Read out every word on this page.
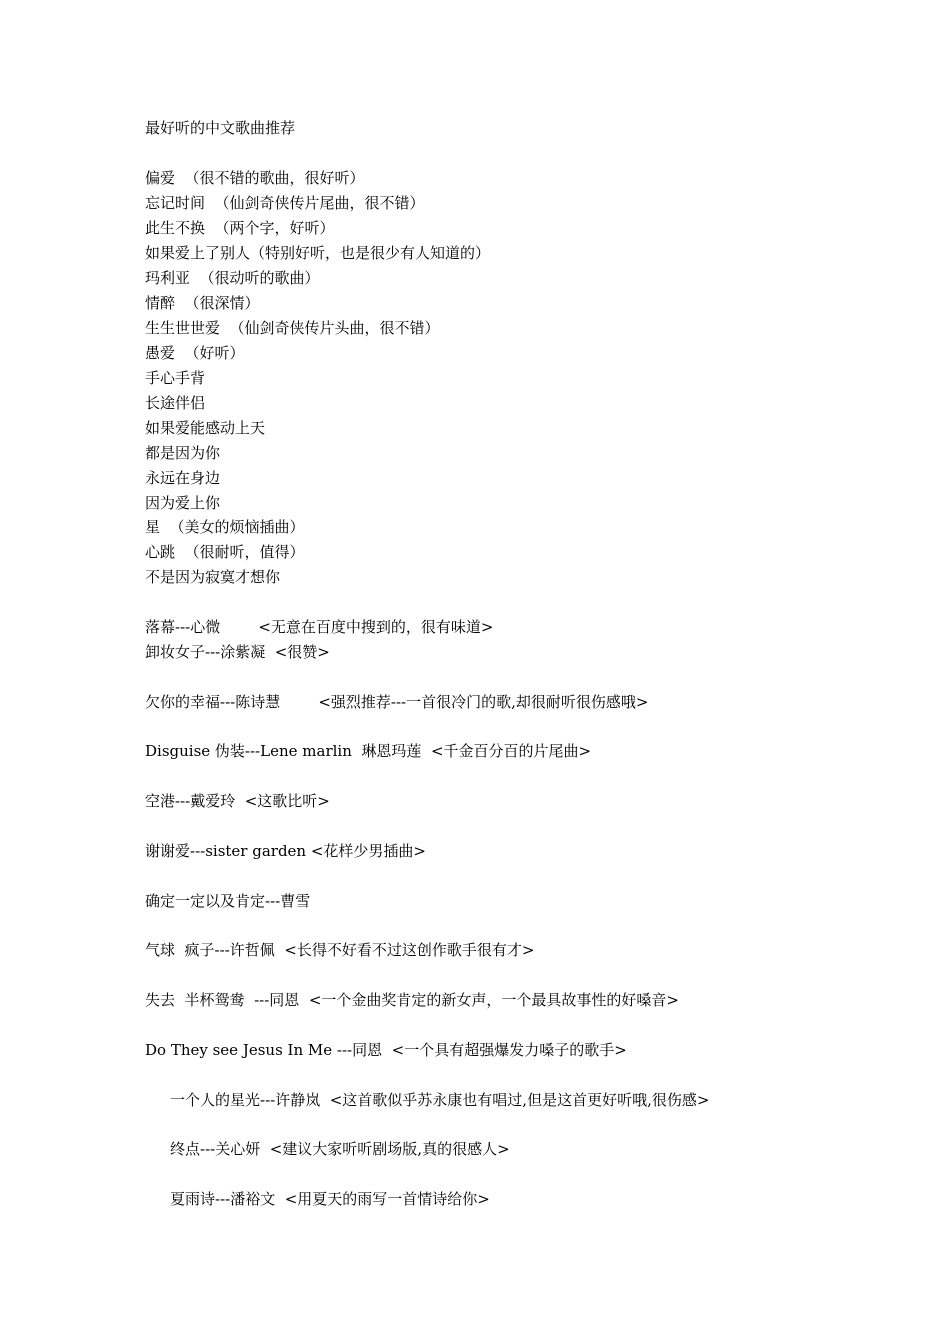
最好听的中文歌曲推荐
偏爱  （很不错的歌曲，很好听）
忘记时间  （仙剑奇侠传片尾曲，很不错）
此生不换  （两个字，好听）
如果爱上了别人（特别好听，也是很少有人知道的）
玛利亚  （很动听的歌曲）
情醉  （很深情）
生生世世爱  （仙剑奇侠传片头曲，很不错）
愚爱  （好听）
手心手背
长途伴侣
如果爱能感动上天
都是因为你
永远在身边
因为爱上你
星  （美女的烦恼插曲）
心跳  （很耐听，值得）
不是因为寂寞才想你
落幕---心微        <无意在百度中搜到的，很有味道>
卸妆女子---涂紫凝  <很赞>
欠你的幸福---陈诗慧        <强烈推荐---一首很冷门的歌,却很耐听很伤感哦>
Disguise 伪装---Lene marlin  琳恩玛莲  <千金百分百的片尾曲>
空港---戴爱玲  <这歌比听>
谢谢爱---sister garden <花样少男插曲>
确定一定以及肯定---曹雪
气球  疯子---许哲佩  <长得不好看不过这创作歌手很有才>
失去  半杯鸳鸯  ---同恩  <一个金曲奖肯定的新女声，一个最具故事性的好嗓音>
Do They see Jesus In Me ---同恩  <一个具有超强爆发力嗓子的歌手>
一个人的星光---许静岚  <这首歌似乎苏永康也有唱过,但是这首更好听哦,很伤感>
终点---关心妍  <建议大家听听剧场版,真的很感人>
夏雨诗---潘裕文  <用夏天的雨写一首情诗给你>
